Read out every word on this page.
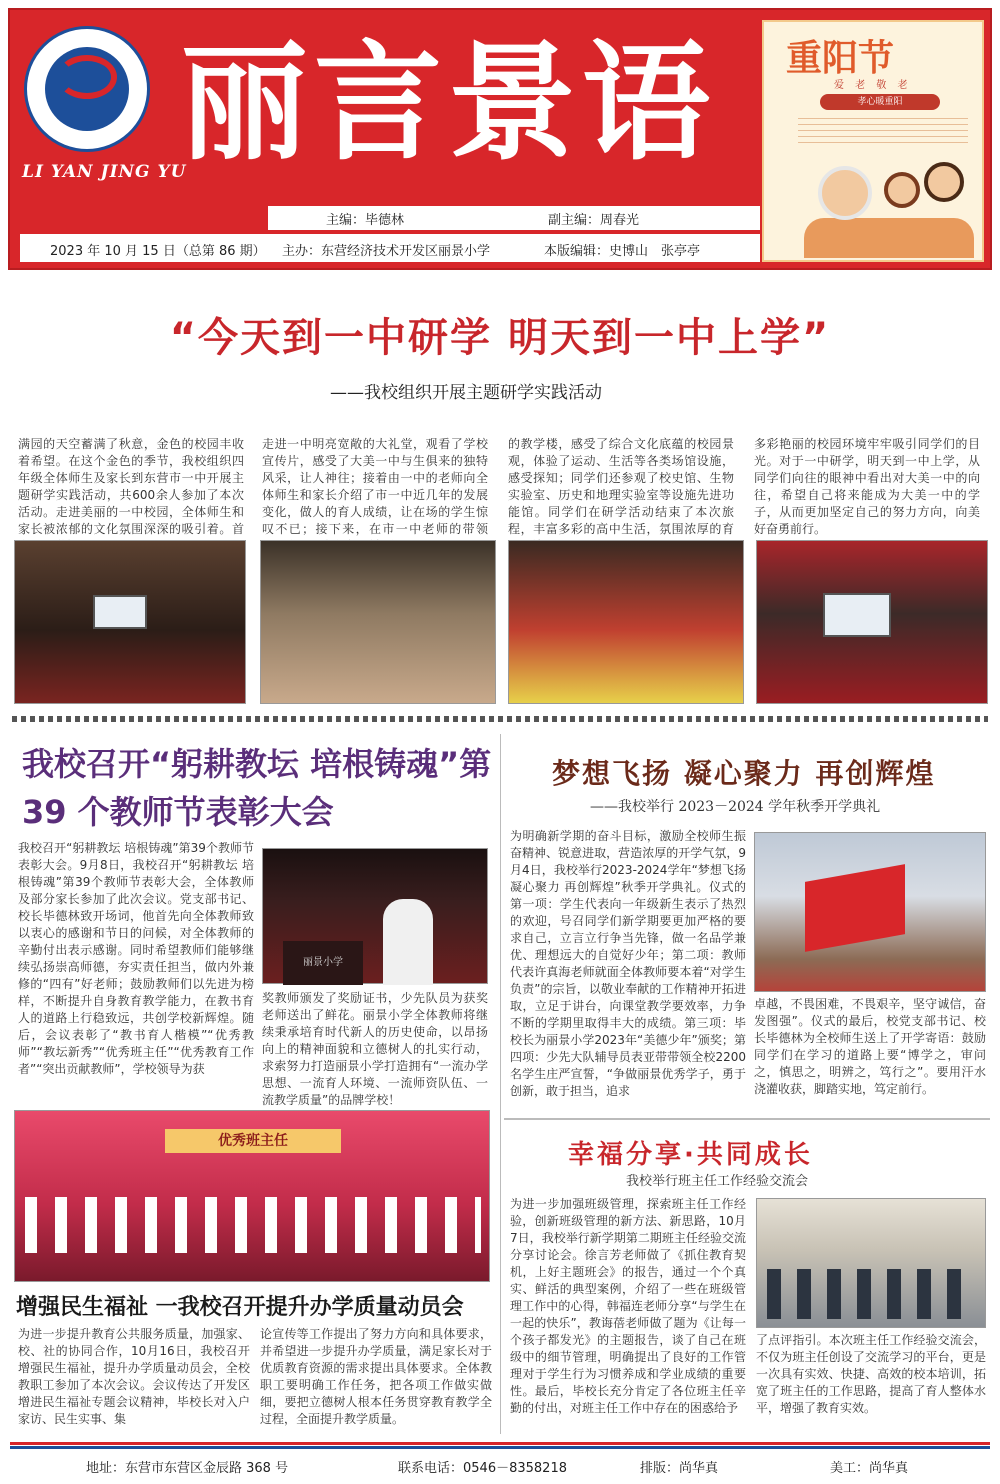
LI YAN JING YU
丽言景语
主编：毕德林	副主编：周春光
2023 年 10 月 15 日（总第 86 期） 主办：东营经济技术开发区丽景小学	本版编辑：史博山　张亭亭
重阳节
爱 老 敬 老
孝心暖重阳
“今天到一中研学 明天到一中上学”
——我校组织开展主题研学实践活动
满园的天空蓄满了秋意，金色的校园丰收着希望。在这个金色的季节，我校组织四年级全体师生及家长到东营市一中开展主题研学实践活动，共600余人参加了本次活动。走进美丽的一中校园，全体师生和家长被浓郁的文化氛围深深的吸引着。首
走进一中明亮宽敞的大礼堂，观看了学校宣传片，感受了大美一中与生俱来的独特风采，让人神往；接着由一中的老师向全体师生和家长介绍了市一中近几年的发展变化，做人的育人成绩，让在场的学生惊叹不已；接下来，在市一中老师的带领
的教学楼，感受了综合文化底蕴的校园景观，体验了运动、生活等各类场馆设施，感受探知；同学们还参观了校史馆、生物实验室、历史和地理实验室等设施先进功能馆。同学们在研学活动结束了本次旅程，丰富多彩的高中生活，氛围浓厚的育
多彩艳丽的校园环境牢牢吸引同学们的目光。对于一中研学，明天到一中上学，从同学们向往的眼神中看出对大美一中的向往，希望自己将来能成为大美一中的学子，从而更加坚定自己的努力方向，向美好奋勇前行。
我校召开“躬耕教坛 培根铸魂”第 39 个教师节表彰大会
我校召开“躬耕教坛 培根铸魂”第39个教师节表彰大会。9月8日，我校召开“躬耕教坛 培根铸魂”第39个教师节表彰大会，全体教师及部分家长参加了此次会议。党支部书记、校长毕德林致开场词，他首先向全体教师致以衷心的感谢和节日的问候，对全体教师的辛勤付出表示感谢。同时希望教师们能够继续弘扬崇高师德，夯实责任担当，做内外兼修的“四有”好老师；鼓励教师们以先进为榜样，不断提升自身教育教学能力，在教书育人的道路上行稳致远，共创学校新辉煌。随后，会议表彰了“教书育人楷模”“优秀教师”“教坛新秀”“优秀班主任”“优秀教育工作者”“突出贡献教师”，学校领导为获
丽景小学
奖教师颁发了奖励证书，少先队员为获奖老师送出了鲜花。丽景小学全体教师将继续秉承培育时代新人的历史使命，以昂扬向上的精神面貌和立德树人的扎实行动，求索努力打造丽景小学打造拥有“一流办学思想、一流育人环境、一流师资队伍、一流教学质量”的品牌学校！
优秀班主任
增强民生福祉 一我校召开提升办学质量动员会
为进一步提升教育公共服务质量，加强家、校、社的协同合作，10月16日，我校召开增强民生福祉，提升办学质量动员会，全校教职工参加了本次会议。会议传达了开发区增进民生福祉专题会议精神，毕校长对入户家访、民生实事、集
论宣传等工作提出了努力方向和具体要求，并希望进一步提升办学质量，满足家长对于优质教育资源的需求提出具体要求。全体教职工要明确工作任务，把各项工作做实做细，要把立德树人根本任务贯穿教育教学全过程，全面提升教学质量。
梦想飞扬 凝心聚力 再创辉煌
——我校举行 2023－2024 学年秋季开学典礼
为明确新学期的奋斗目标，激励全校师生振奋精神、锐意进取，营造浓厚的开学气氛，9月4日，我校举行2023-2024学年“梦想飞扬 凝心聚力 再创辉煌”秋季开学典礼。仪式的第一项：学生代表向一年级新生表示了热烈的欢迎，号召同学们新学期要更加严格的要求自己，立言立行争当先锋，做一名品学兼优、理想远大的自觉好少年；第二项：教师代表许真海老师就面全体教师要本着“对学生负责”的宗旨，以敬业奉献的工作精神开拓进取，立足于讲台，向课堂教学要效率，力争不断的学期里取得丰大的成绩。第三项：毕校长为丽景小学2023年“美德少年”颁奖；第四项：少先大队辅导员表亚带带领全校2200名学生庄严宣誓，“争做丽景优秀学子，勇于创新，敢于担当，追求
卓越，不畏困难，不畏艰辛，坚守诚信，奋发图强”。仪式的最后，校党支部书记、校长毕德林为全校师生送上了开学寄语：鼓励同学们在学习的道路上要“博学之，审问之，慎思之，明辨之，笃行之”。要用汗水浇灌收获，脚踏实地，笃定前行。
幸福分享·共同成长
我校举行班主任工作经验交流会
为进一步加强班级管理，探索班主任工作经验，创新班级管理的新方法、新思路，10月7日，我校举行新学期第二期班主任经验交流分享讨论会。徐言芳老师做了《抓住教育契机，上好主题班会》的报告，通过一个个真实、鲜活的典型案例，介绍了一些在班级管理工作中的心得，韩福连老师分享“与学生在一起的快乐”，教诲蓓老师做了题为《让每一个孩子都发光》的主题报告，谈了自己在班级中的细节管理，明确提出了良好的工作管理对于学生行为习惯养成和学业成绩的重要性。最后，毕校长充分肯定了各位班主任辛勤的付出，对班主任工作中存在的困惑给予
了点评指引。本次班主任工作经验交流会，不仅为班主任创设了交流学习的平台，更是一次具有实效、快捷、高效的校本培训，拓宽了班主任的工作思路，提高了育人整体水平，增强了教育实效。
地址：东营市东营区金辰路 368 号	联系电话：0546－8358218	排版：尚华真	美工：尚华真
